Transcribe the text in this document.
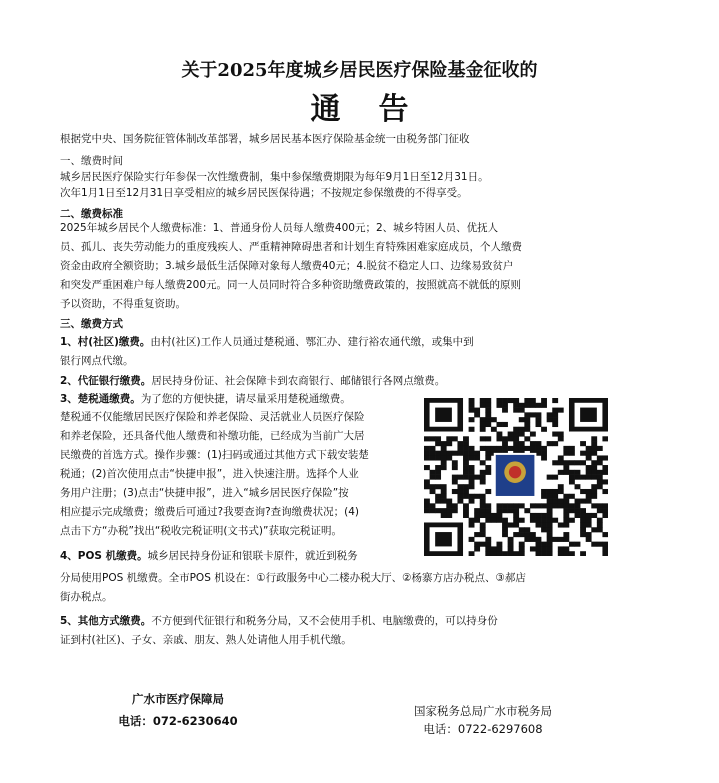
关于2025年度城乡居民医疗保险基金征收的
通告
根据党中央、国务院征管体制改革部署，城乡居民基本医疗保险基金统一由税务部门征收
一、缴费时间
城乡居民医疗保险实行年参保一次性缴费制，集中参保缴费期限为每年9月1日至12月31日。
次年1月1日至12月31日享受相应的城乡居民医保待遇；不按规定参保缴费的不得享受。
二、缴费标准
2025年城乡居民个人缴费标准：1、普通身份人员每人缴费400元；2、城乡特困人员、优抚人
员、孤儿、丧失劳动能力的重度残疾人、严重精神障碍患者和计划生育特殊困难家庭成员，个人缴费
资金由政府全额资助；3.城乡最低生活保障对象每人缴费40元；4.脱贫不稳定人口、边缘易致贫户
和突发严重困难户每人缴费200元。同一人员同时符合多种资助缴费政策的，按照就高不就低的原则
予以资助，不得重复资助。
三、缴费方式
1、村(社区)缴费。由村(社区)工作人员通过楚税通、鄂汇办、建行裕农通代缴，或集中到
银行网点代缴。
2、代征银行缴费。居民持身份证、社会保障卡到农商银行、邮储银行各网点缴费。
3、楚税通缴费。为了您的方便快捷，请尽量采用楚税通缴费。
楚税通不仅能缴居民医疗保险和养老保险、灵活就业人员医疗保险
和养老保险，还具备代他人缴费和补缴功能，已经成为当前广大居
民缴费的首选方式。操作步骤：(1)扫码或通过其他方式下载安装楚
税通；(2)首次使用点击“快捷申报”，进入快速注册。选择个人业
务用户注册；(3)点击“快捷申报”，进入“城乡居民医疗保险”按
相应提示完成缴费；缴费后可通过?我要查询?查询缴费状况；(4)
点击下方“办税”找出“税收完税证明(文书式)”获取完税证明。
4、POS 机缴费。城乡居民持身份证和银联卡原件，就近到税务
分局使用POS 机缴费。全市POS 机设在：①行政服务中心二楼办税大厅、②杨寨方店办税点、③郝店
街办税点。
5、其他方式缴费。不方便到代征银行和税务分局，又不会使用手机、电脑缴费的，可以持身份
证到村(社区)、子女、亲戚、朋友、熟人处请他人用手机代缴。
广水市医疗保障局
电话：072-6230640
国家税务总局广水市税务局
电话：0722-6297608
